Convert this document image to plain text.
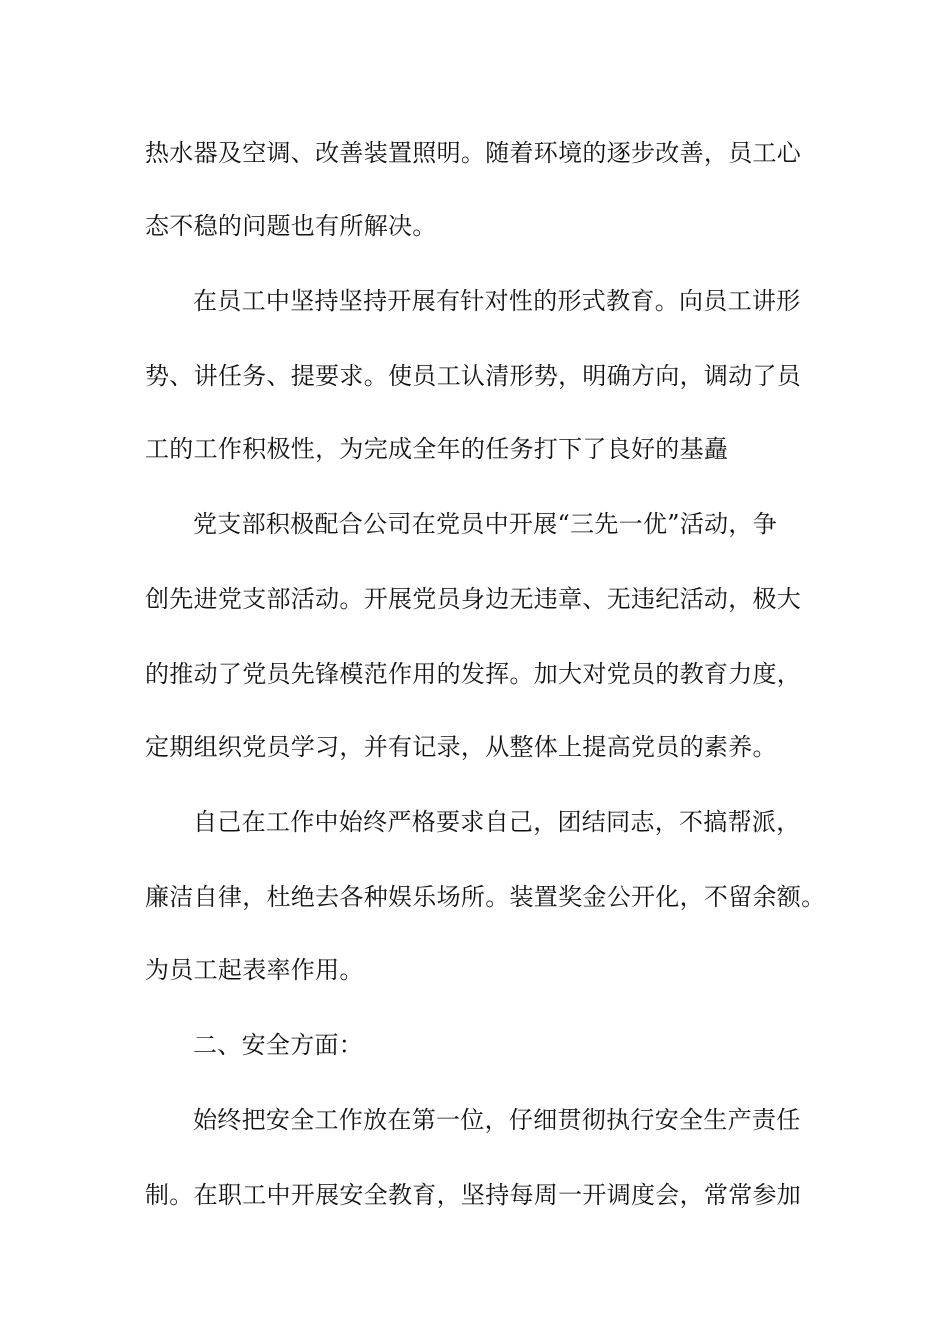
热水器及空调、改善装置照明。随着环境的逐步改善，员工心
态不稳的问题也有所解决。
在员工中坚持坚持开展有针对性的形式教育。向员工讲形
势、讲任务、提要求。使员工认清形势，明确方向，调动了员
工的工作积极性，为完成全年的任务打下了良好的基矗
党支部积极配合公司在党员中开展“三先一优”活动，争
创先进党支部活动。开展党员身边无违章、无违纪活动，极大
的推动了党员先锋模范作用的发挥。加大对党员的教育力度，
定期组织党员学习，并有记录，从整体上提高党员的素养。
自己在工作中始终严格要求自己，团结同志，不搞帮派，
廉洁自律，杜绝去各种娱乐场所。装置奖金公开化，不留余额。
为员工起表率作用。
二、安全方面：
始终把安全工作放在第一位，仔细贯彻执行安全生产责任
制。在职工中开展安全教育，坚持每周一开调度会，常常参加
